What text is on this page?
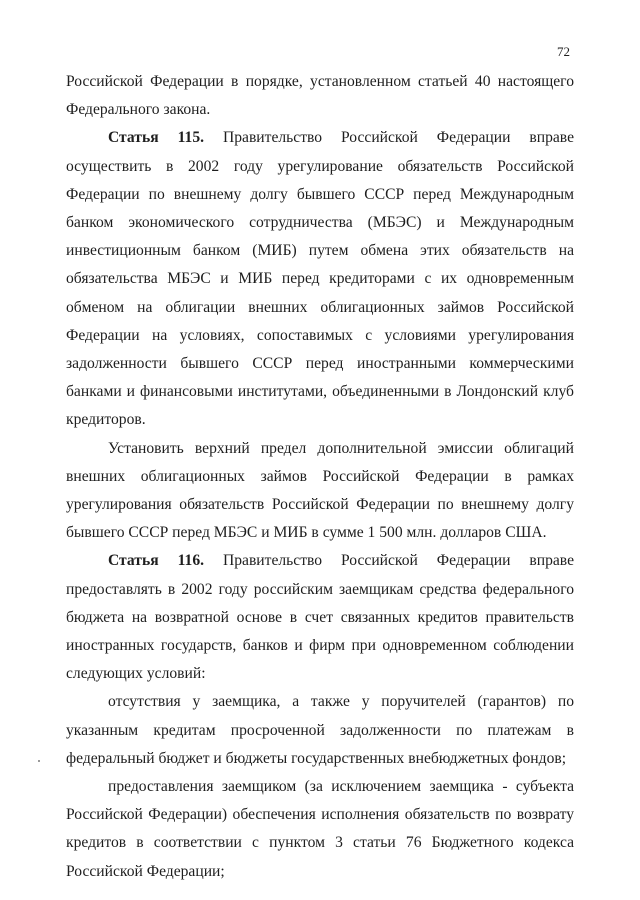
72

Российской Федерации в порядке, установленном статьей 40 настоящего Федерального закона.

Статья 115. Правительство Российской Федерации вправе осуществить в 2002 году урегулирование обязательств Российской Федерации по внешнему долгу бывшего СССР перед Международным банком экономического сотрудничества (МБЭС) и Международным инвестиционным банком (МИБ) путем обмена этих обязательств на обязательства МБЭС и МИБ перед кредиторами с их одновременным обменом на облигации внешних облигационных займов Российской Федерации на условиях, сопоставимых с условиями урегулирования задолженности бывшего СССР перед иностранными коммерческими банками и финансовыми институтами, объединенными в Лондонский клуб кредиторов.

Установить верхний предел дополнительной эмиссии облигаций внешних облигационных займов Российской Федерации в рамках урегулирования обязательств Российской Федерации по внешнему долгу бывшего СССР перед МБЭС и МИБ в сумме 1 500 млн. долларов США.

Статья 116. Правительство Российской Федерации вправе предоставлять в 2002 году российским заемщикам средства федерального бюджета на возвратной основе в счет связанных кредитов правительств иностранных государств, банков и фирм при одновременном соблюдении следующих условий:

отсутствия у заемщика, а также у поручителей (гарантов) по указанным кредитам просроченной задолженности по платежам в федеральный бюджет и бюджеты государственных внебюджетных фондов;

предоставления заемщиком (за исключением заемщика - субъекта Российской Федерации) обеспечения исполнения обязательств по возврату кредитов в соответствии с пунктом 3 статьи 76 Бюджетного кодекса Российской Федерации;
